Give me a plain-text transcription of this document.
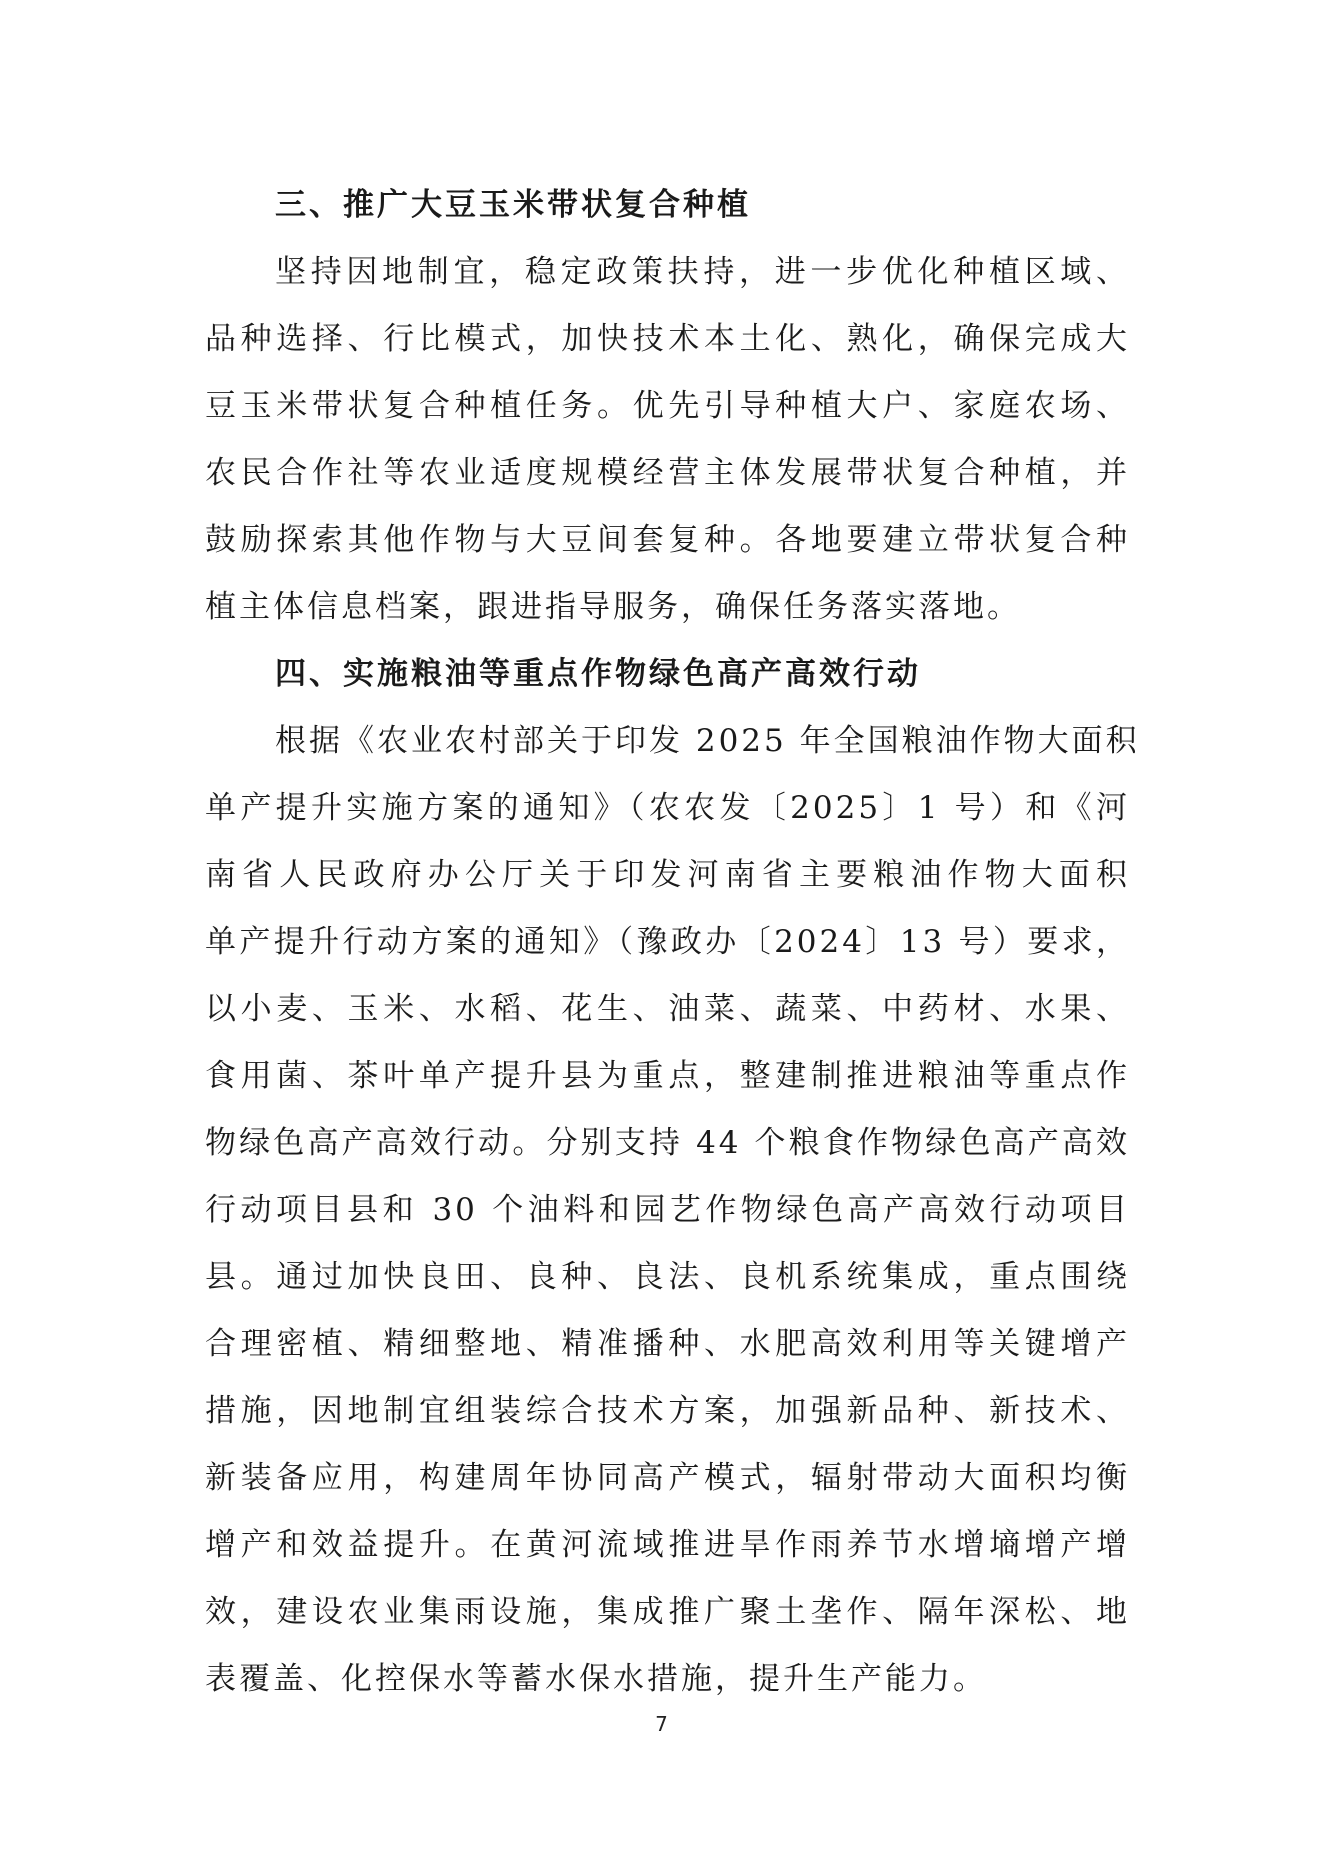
三、推广大豆玉米带状复合种植

坚持因地制宜，稳定政策扶持，进一步优化种植区域、
品种选择、行比模式，加快技术本土化、熟化，确保完成大
豆玉米带状复合种植任务。优先引导种植大户、家庭农场、
农民合作社等农业适度规模经营主体发展带状复合种植，并
鼓励探索其他作物与大豆间套复种。各地要建立带状复合种
植主体信息档案，跟进指导服务，确保任务落实落地。

四、实施粮油等重点作物绿色高产高效行动

根据《农业农村部关于印发 2025 年全国粮油作物大面积
单产提升实施方案的通知》（农农发〔2025〕1 号）和《河
南省人民政府办公厅关于印发河南省主要粮油作物大面积
单产提升行动方案的通知》（豫政办〔2024〕13 号）要求，
以小麦、玉米、水稻、花生、油菜、蔬菜、中药材、水果、
食用菌、茶叶单产提升县为重点，整建制推进粮油等重点作
物绿色高产高效行动。分别支持 44 个粮食作物绿色高产高效
行动项目县和 30 个油料和园艺作物绿色高产高效行动项目
县。通过加快良田、良种、良法、良机系统集成，重点围绕
合理密植、精细整地、精准播种、水肥高效利用等关键增产
措施，因地制宜组装综合技术方案，加强新品种、新技术、
新装备应用，构建周年协同高产模式，辐射带动大面积均衡
增产和效益提升。在黄河流域推进旱作雨养节水增墒增产增
效，建设农业集雨设施，集成推广聚土垄作、隔年深松、地
表覆盖、化控保水等蓄水保水措施，提升生产能力。

7
